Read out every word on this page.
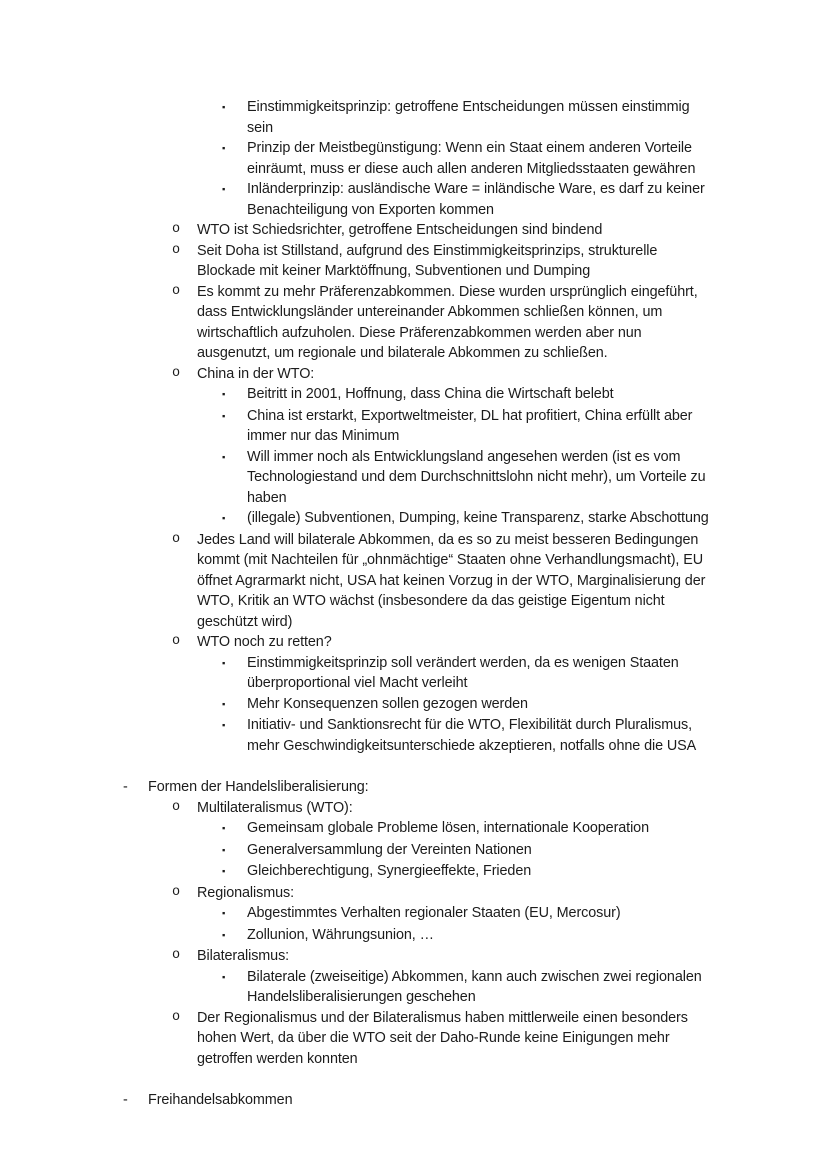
▪	Einstimmigkeitsprinzip: getroffene Entscheidungen müssen einstimmig sein
▪	Prinzip der Meistbegünstigung: Wenn ein Staat einem anderen Vorteile einräumt, muss er diese auch allen anderen Mitgliedsstaaten gewähren
▪	Inländerprinzip: ausländische Ware = inländische Ware, es darf zu keiner Benachteiligung von Exporten kommen
o	WTO ist Schiedsrichter, getroffene Entscheidungen sind bindend
o	Seit Doha ist Stillstand, aufgrund des Einstimmigkeitsprinzips, strukturelle Blockade mit keiner Marktöffnung, Subventionen und Dumping
o	Es kommt zu mehr Präferenzabkommen. Diese wurden ursprünglich eingeführt, dass Entwicklungsländer untereinander Abkommen schließen können, um wirtschaftlich aufzuholen. Diese Präferenzabkommen werden aber nun ausgenutzt, um regionale und bilaterale Abkommen zu schließen.
o	China in der WTO:
▪	Beitritt in 2001, Hoffnung, dass China die Wirtschaft belebt
▪	China ist erstarkt, Exportweltmeister, DL hat profitiert, China erfüllt aber immer nur das Minimum
▪	Will immer noch als Entwicklungsland angesehen werden (ist es vom Technologiestand und dem Durchschnittslohn nicht mehr), um Vorteile zu haben
▪	(illegale) Subventionen, Dumping, keine Transparenz, starke Abschottung
o	Jedes Land will bilaterale Abkommen, da es so zu meist besseren Bedingungen kommt (mit Nachteilen für „ohnmächtige“ Staaten ohne Verhandlungsmacht), EU öffnet Agrarmarkt nicht, USA hat keinen Vorzug in der WTO, Marginalisierung der WTO, Kritik an WTO wächst (insbesondere da das geistige Eigentum nicht geschützt wird)
o	WTO noch zu retten?
▪	Einstimmigkeitsprinzip soll verändert werden, da es wenigen Staaten überproportional viel Macht verleiht
▪	Mehr Konsequenzen sollen gezogen werden
▪	Initiativ- und Sanktionsrecht für die WTO, Flexibilität durch Pluralismus, mehr Geschwindigkeitsunterschiede akzeptieren, notfalls ohne die USA
-	Formen der Handelsliberalisierung:
o	Multilateralismus (WTO):
▪	Gemeinsam globale Probleme lösen, internationale Kooperation
▪	Generalversammlung der Vereinten Nationen
▪	Gleichberechtigung, Synergieeffekte, Frieden
o	Regionalismus:
▪	Abgestimmtes Verhalten regionaler Staaten (EU, Mercosur)
▪	Zollunion, Währungsunion, …
o	Bilateralismus:
▪	Bilaterale (zweiseitige) Abkommen, kann auch zwischen zwei regionalen Handelsliberalisierungen geschehen
o	Der Regionalismus und der Bilateralismus haben mittlerweile einen besonders hohen Wert, da über die WTO seit der Daho-Runde keine Einigungen mehr getroffen werden konnten
-	Freihandelsabkommen
